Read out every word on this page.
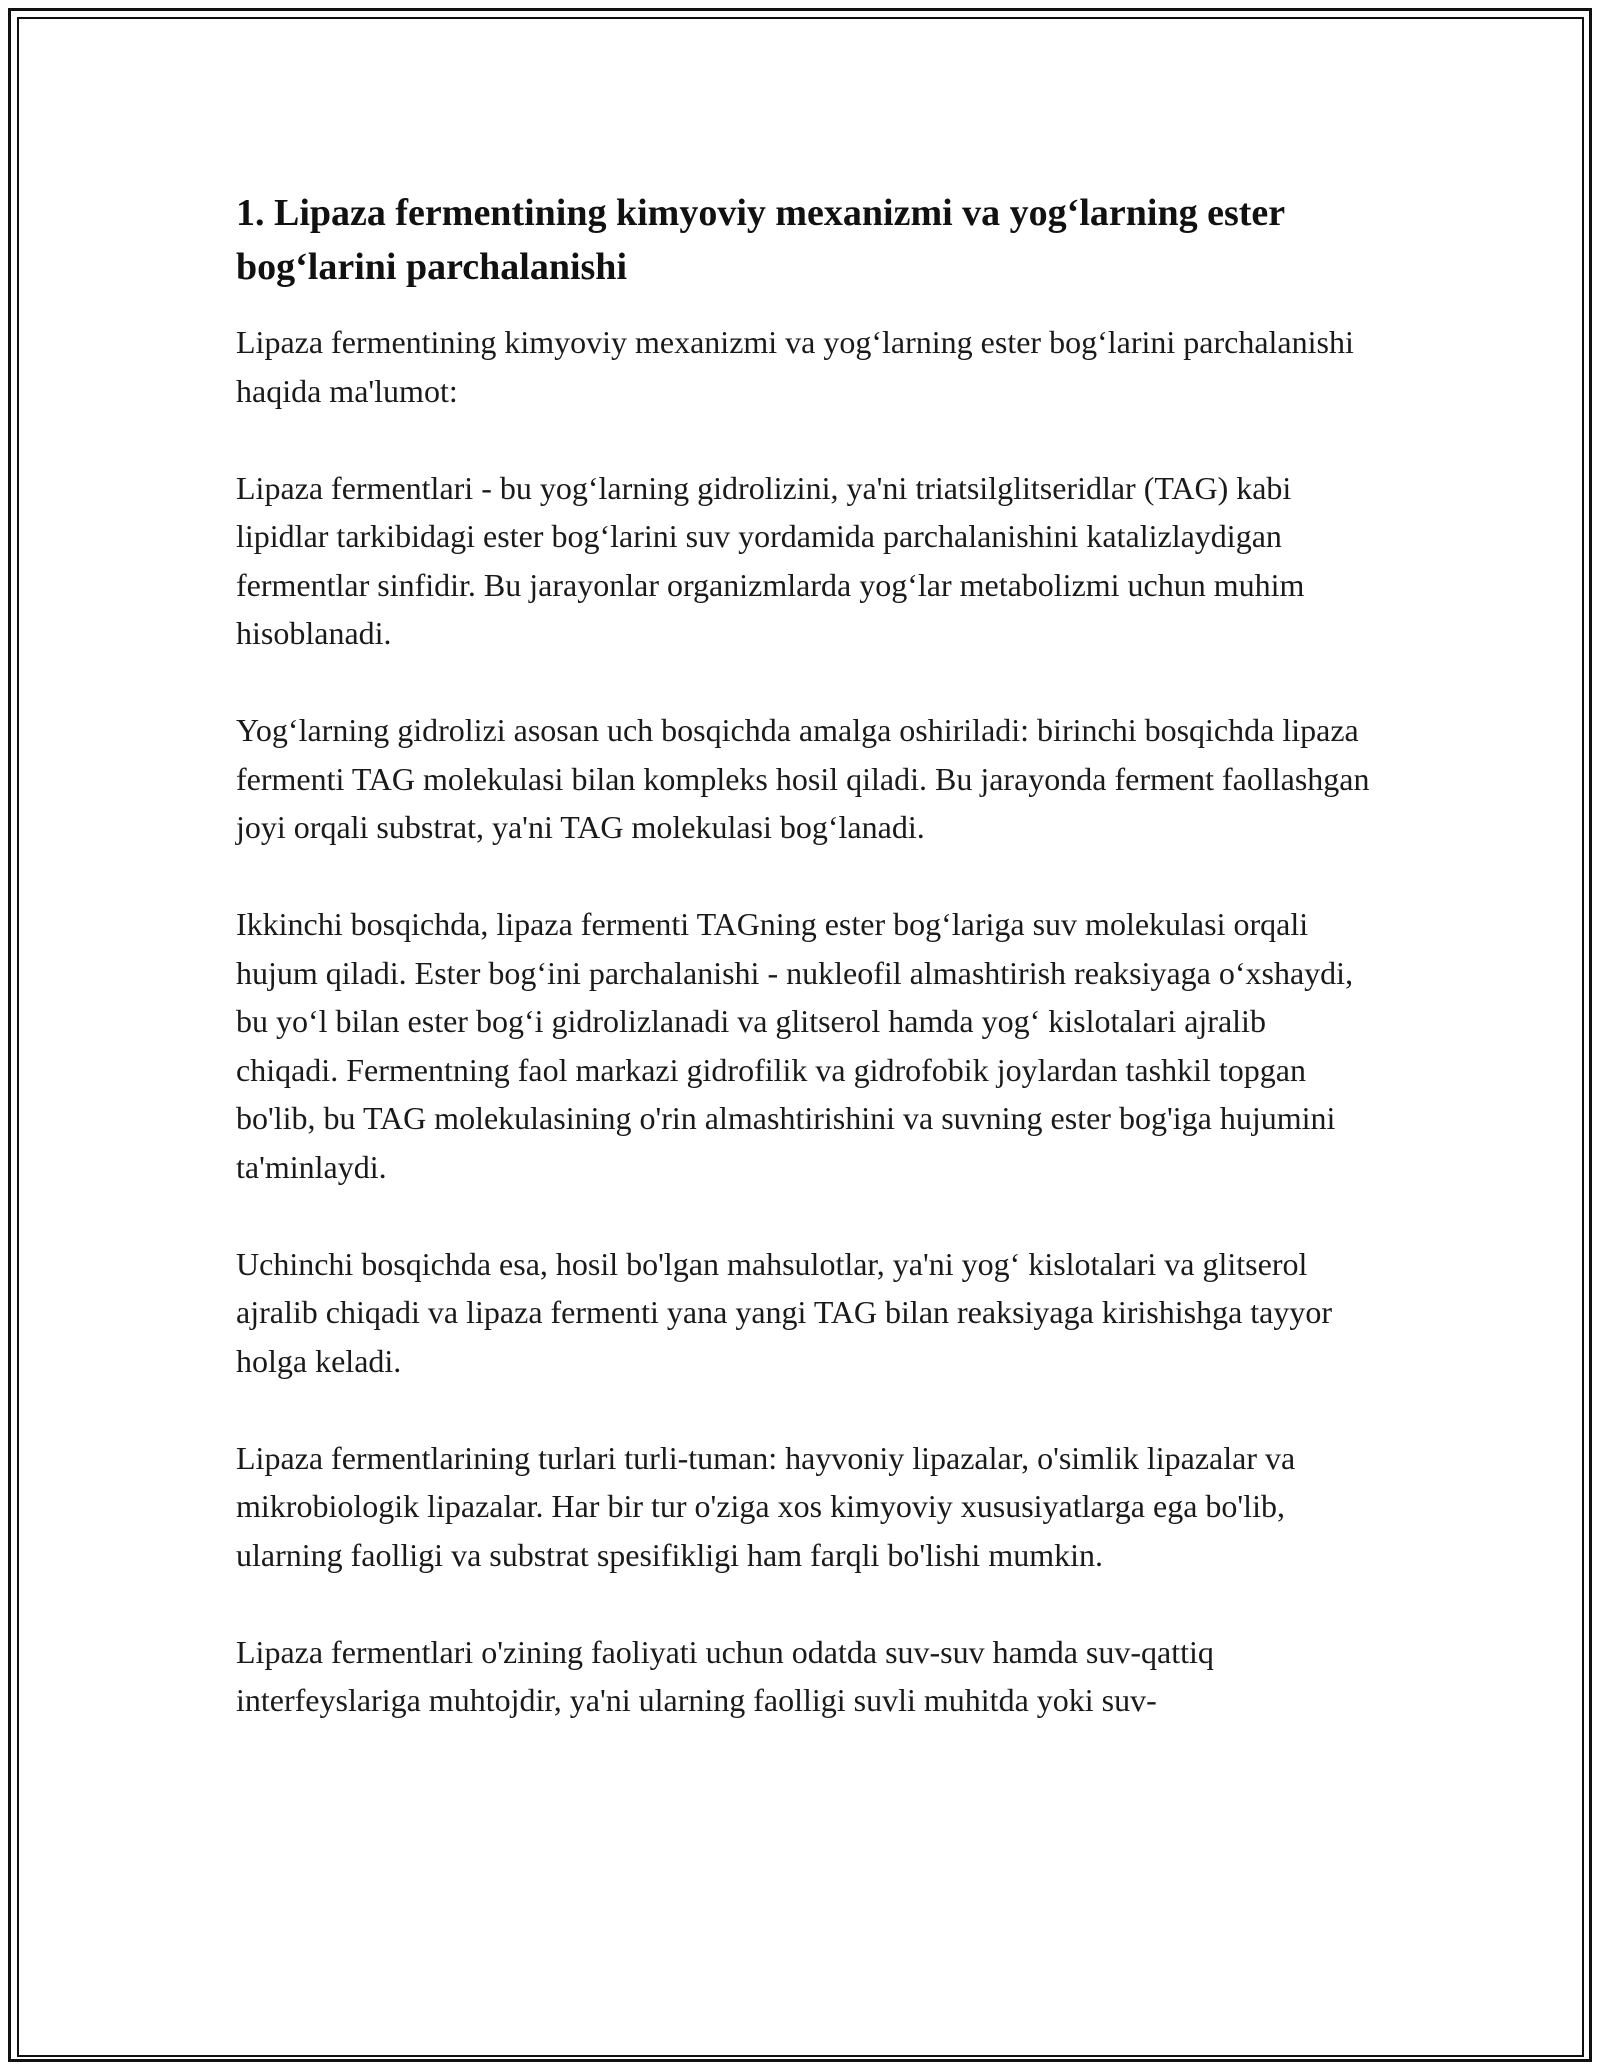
1. Lipaza fermentining kimyoviy mexanizmi va yog‘larning ester bog‘larini parchalanishi

Lipaza fermentining kimyoviy mexanizmi va yog‘larning ester bog‘larini parchalanishi haqida ma'lumot:

Lipaza fermentlari - bu yog‘larning gidrolizini, ya'ni triatsilglitseridlar (TAG) kabi lipidlar tarkibidagi ester bog‘larini suv yordamida parchalanishini katalizlaydigan fermentlar sinfidir. Bu jarayonlar organizmlarda yog‘lar metabolizmi uchun muhim hisoblanadi.

Yog‘larning gidrolizi asosan uch bosqichda amalga oshiriladi: birinchi bosqichda lipaza fermenti TAG molekulasi bilan kompleks hosil qiladi. Bu jarayonda ferment faollashgan joyi orqali substrat, ya'ni TAG molekulasi bog‘lanadi.

Ikkinchi bosqichda, lipaza fermenti TAGning ester bog‘lariga suv molekulasi orqali hujum qiladi. Ester bog‘ini parchalanishi - nukleofil almashtirish reaksiyaga o‘xshaydi, bu yo‘l bilan ester bog‘i gidrolizlanadi va glitserol hamda yog‘ kislotalari ajralib chiqadi. Fermentning faol markazi gidrofilik va gidrofobik joylardan tashkil topgan bo'lib, bu TAG molekulasining o'rin almashtirishini va suvning ester bog'iga hujumini ta'minlaydi.

Uchinchi bosqichda esa, hosil bo'lgan mahsulotlar, ya'ni yog‘ kislotalari va glitserol ajralib chiqadi va lipaza fermenti yana yangi TAG bilan reaksiyaga kirishishga tayyor holga keladi.

Lipaza fermentlarining turlari turli-tuman: hayvoniy lipazalar, o'simlik lipazalar va mikrobiologik lipazalar. Har bir tur o'ziga xos kimyoviy xususiyatlarga ega bo'lib, ularning faolligi va substrat spesifikligi ham farqli bo'lishi mumkin.

Lipaza fermentlari o'zining faoliyati uchun odatda suv-suv hamda suv-qattiq interfeyslariga muhtojdir, ya'ni ularning faolligi suvli muhitda yoki suv-
